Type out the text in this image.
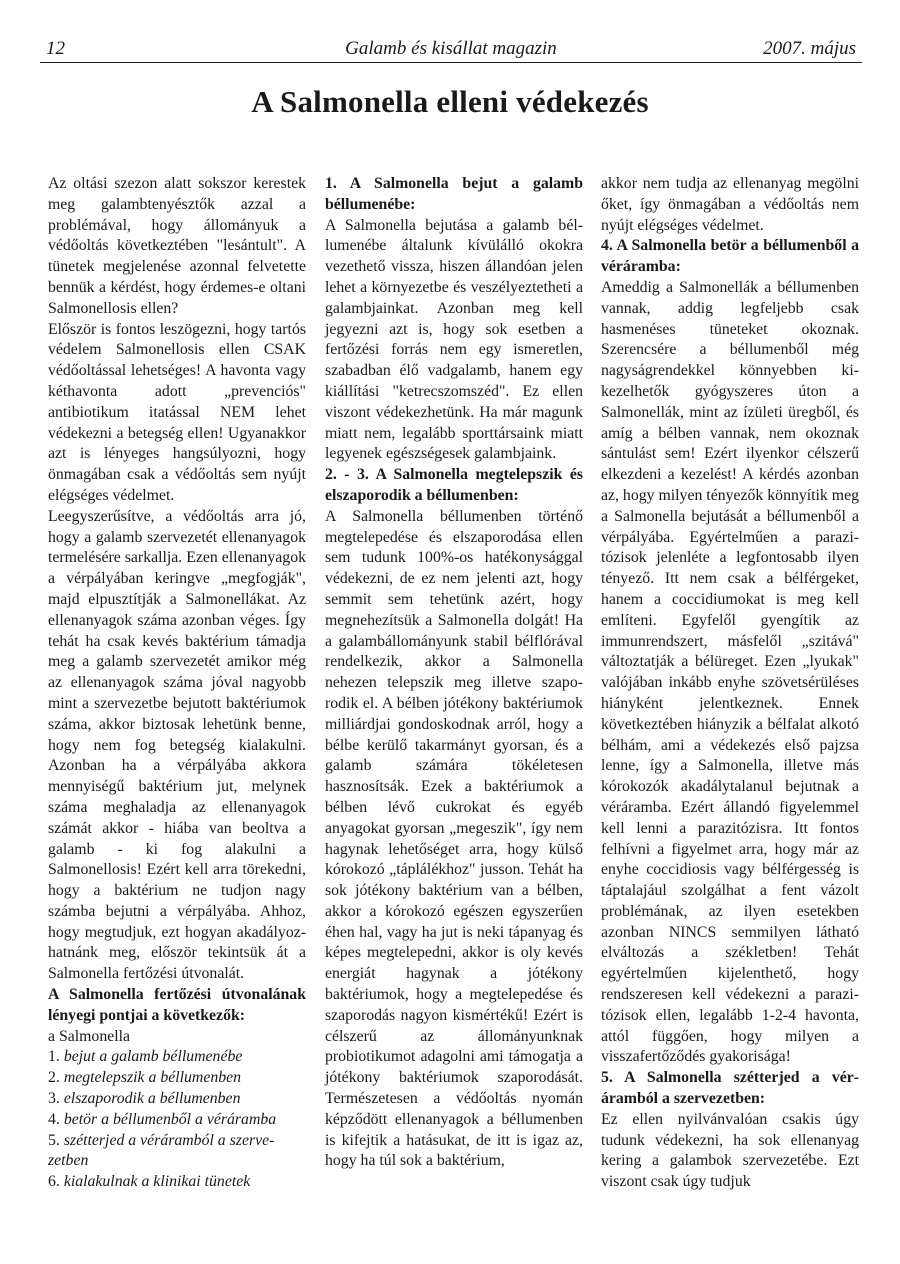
12	Galamb és kisállat magazin	2007. május
A Salmonella elleni védekezés

Az oltási szezon alatt sokszor kerestek meg galambtenyésztők azzal a problémával, hogy állományuk a védőoltás következtében "lesántult". A tünetek megjelenése azonnal felvetette bennük a kérdést, hogy érdemes-e oltani Salmonellosis ellen?

Először is fontos leszögezni, hogy tartós védelem Salmonellosis ellen CSAK védőoltással lehetséges! A havonta vagy kéthavonta adott „prevenciós" antibiotikum itatással NEM lehet védekezni a betegség ellen! Ugyanakkor azt is lényeges hangsúlyozni, hogy önmagában csak a védőoltás sem nyújt elégséges védelmet.

Leegyszerűsítve, a védőoltás arra jó, hogy a galamb szervezetét ellenanyagok termelésére sarkallja. Ezen ellenanyagok a vérpályában keringve „megfogják", majd elpusztítják a Salmonellákat. Az ellenanyagok száma azonban véges. Így tehát ha csak kevés baktérium támadja meg a galamb szervezetét amikor még az ellenanyagok száma jóval nagyobb mint a szervezetbe bejutott baktériumok száma, akkor biztosak lehetünk benne, hogy nem fog betegség kialakulni. Azonban ha a vérpályába akkora mennyiségű baktérium jut, melynek száma meghaladja az ellenanyagok számát akkor - hiába van beoltva a galamb - ki fog alakulni a Salmonellosis! Ezért kell arra törekedni, hogy a baktérium ne tudjon nagy számba bejutni a vérpályába. Ahhoz, hogy megtudjuk, ezt hogyan akadályozhatnánk meg, először tekintsük át a Salmonella fertőzési útvonalát.

A Salmonella fertőzési útvonalának lényegi pontjai a következők:

a Salmonella

1. bejut a galamb béllumenébe
2. megtelepszik a béllumenben
3. elszaporodik a béllumenben
4. betör a béllumenből a véráramba
5. szétterjed a véráramból a szervezetben
6. kialakulnak a klinikai tünetek

1. A Salmonella bejut a galamb béllumenébe:

A Salmonella bejutása a galamb béllumenébe általunk kívülálló okokra vezethető vissza, hiszen állandóan jelen lehet a környezetbe és veszélyeztetheti a galambjainkat. Azonban meg kell jegyezni azt is, hogy sok esetben a fertőzési forrás nem egy ismeretlen, szabadban élő vadgalamb, hanem egy kiállítási "ketrecszomszéd". Ez ellen viszont védekezhetünk. Ha már magunk miatt nem, legalább sporttársaink miatt legyenek egészségesek galambjaink.

2. - 3. A Salmonella megtelepszik és elszaporodik a béllumenben:

A Salmonella béllumenben történő megtelepedése és elszaporodása ellen sem tudunk 100%-os hatékonysággal védekezni, de ez nem jelenti azt, hogy semmit sem tehetünk azért, hogy megnehezítsük a Salmonella dolgát! Ha a galambállományunk stabil bélflórával rendelkezik, akkor a Salmonella nehezen telepszik meg illetve szaporodik el. A bélben jótékony baktériumok milliárdjai gondoskodnak arról, hogy a bélbe kerülő takarmányt gyorsan, és a galamb számára tökéletesen hasznosítsák. Ezek a baktériumok a bélben lévő cukrokat és egyéb anyagokat gyorsan „megeszik", így nem hagynak lehetőséget arra, hogy külső kórokozó „táplálékhoz" jusson. Tehát ha sok jótékony baktérium van a bélben, akkor a kórokozó egészen egyszerűen éhen hal, vagy ha jut is neki tápanyag és képes megtelepedni, akkor is oly kevés energiát hagynak a jótékony baktériumok, hogy a megtelepedése és szaporodás nagyon kismértékű! Ezért is célszerű az állományunknak probiotikumot adagolni ami támogatja a jótékony baktériumok szaporodását. Természetesen a védőoltás nyomán képződött ellenanyagok a béllumenben is kifejtik a hatásukat, de itt is igaz az, hogy ha túl sok a baktérium,

akkor nem tudja az ellenanyag megölni őket, így önmagában a védőoltás nem nyújt elégséges védelmet.

4. A Salmonella betör a béllumenből a véráramba:

Ameddig a Salmonellák a béllumenben vannak, addig legfeljebb csak hasmenéses tüneteket okoznak. Szerencsére a béllumenből még nagyságrendekkel könnyebben kikezelhetők gyógyszeres úton a Salmonellák, mint az ízületi üregből, és amíg a bélben vannak, nem okoznak sántulást sem! Ezért ilyenkor célszerű elkezdeni a kezelést! A kérdés azonban az, hogy milyen tényezők könnyítik meg a Salmonella bejutását a béllumenből a vérpályába. Egyértelműen a parazitózisok jelenléte a legfontosabb ilyen tényező. Itt nem csak a bélférgeket, hanem a coccidiumokat is meg kell említeni. Egyfelől gyengítik az immunrendszert, másfelől „szitává" változtatják a bélüreget. Ezen „lyukak" valójában inkább enyhe szövetsérüléses hiányként jelentkeznek. Ennek következtében hiányzik a bélfalat alkotó bélhám, ami a védekezés első pajzsa lenne, így a Salmonella, illetve más kórokozók akadálytalanul bejutnak a véráramba. Ezért állandó figyelemmel kell lenni a parazitózisra. Itt fontos felhívni a figyelmet arra, hogy már az enyhe coccidiosis vagy bélférgesség is táptalajául szolgálhat a fent vázolt problémának, az ilyen esetekben azonban NINCS semmilyen látható elváltozás a székletben! Tehát egyértelműen kijelenthető, hogy rendszeresen kell védekezni a parazitózisok ellen, legalább 1-2-4 havonta, attól függően, hogy milyen a visszafertőződés gyakorisága!

5. A Salmonella szétterjed a véráramból a szervezetben:

Ez ellen nyilvánvalóan csakis úgy tudunk védekezni, ha sok ellenanyag kering a galambok szervezetébe. Ezt viszont csak úgy tudjuk
